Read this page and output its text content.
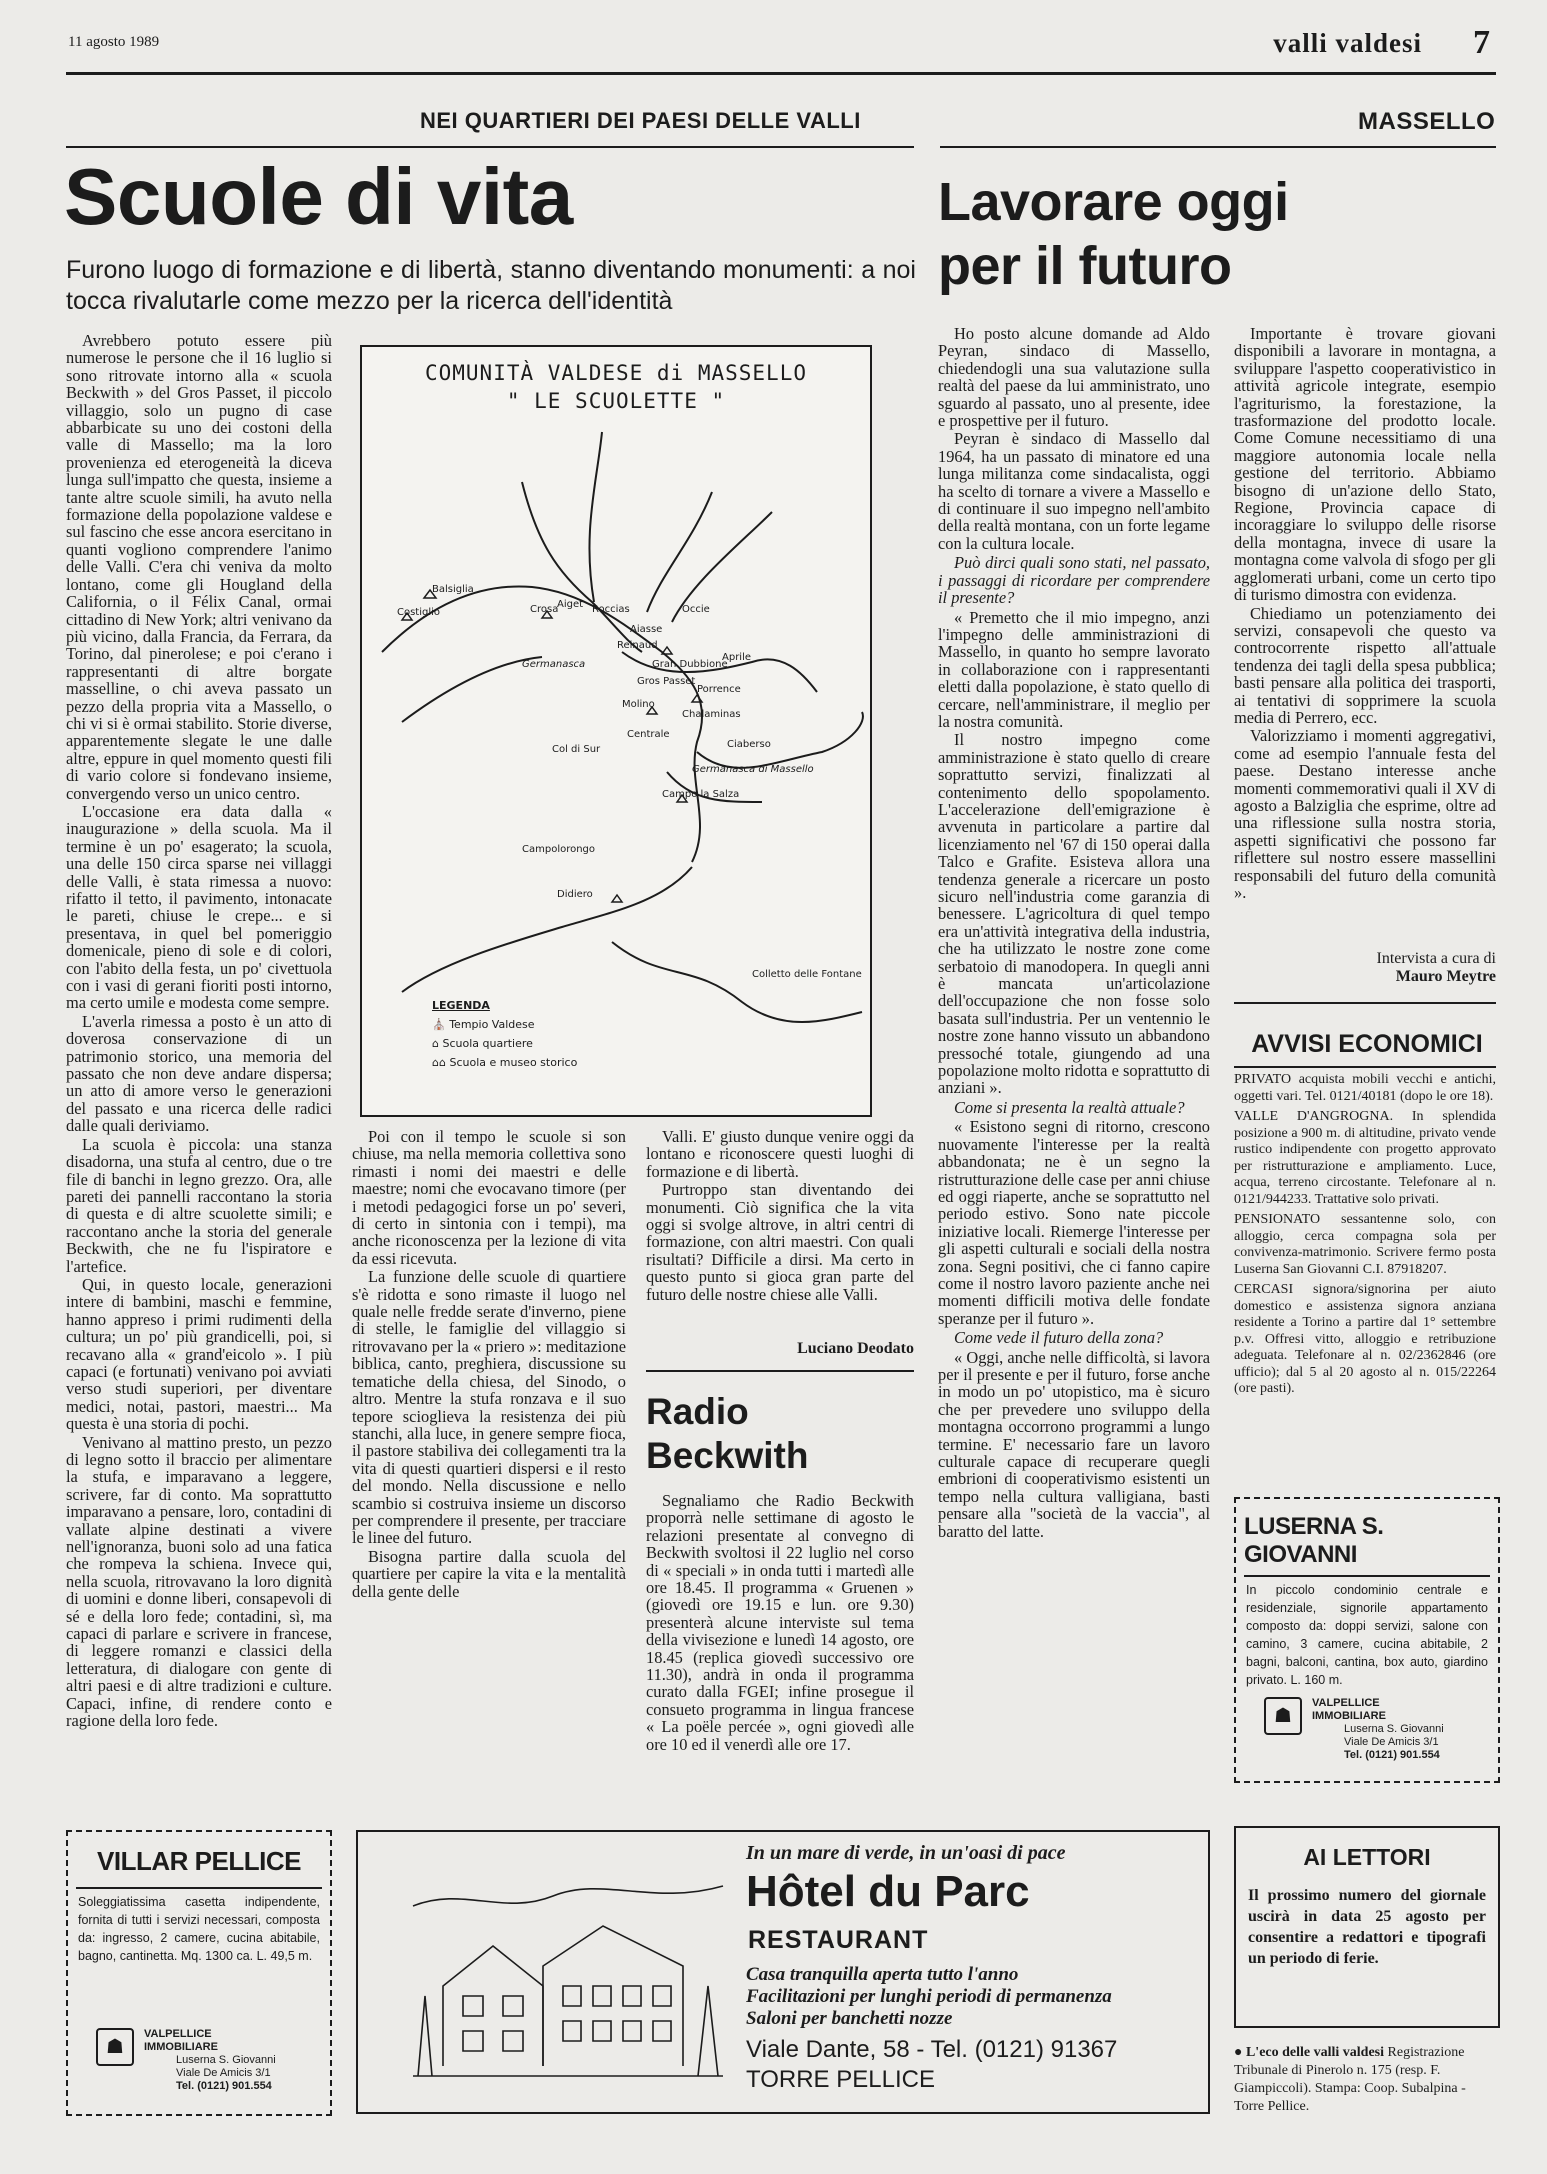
11 agosto 1989	valli valdesi 7
NEI QUARTIERI DEI PAESI DELLE VALLI	MASSELLO
Scuole di vita
Furono luogo di formazione e di libertà, stanno diventando monumenti: a noi tocca rivalutarle come mezzo per la ricerca dell'identità

Avrebbero potuto essere più numerose le persone che il 16 luglio si sono ritrovate intorno alla « scuola Beckwith » del Gros Passet, il piccolo villaggio, solo un pugno di case abbarbicate su uno dei costoni della valle di Massello; ma la loro provenienza ed eterogeneità la diceva lunga sull'impatto che questa, insieme a tante altre scuole simili, ha avuto nella formazione della popolazione valdese e sul fascino che esse ancora esercitano in quanti vogliono comprendere l'animo delle Valli. C'era chi veniva da molto lontano, come gli Hougland della California, o il Félix Canal, ormai cittadino di New York; altri venivano da più vicino, dalla Francia, da Ferrara, da Torino, dal pinerolese; e poi c'erano i rappresentanti di altre borgate masselline, o chi aveva passato un pezzo della propria vita a Massello, o chi vi si è ormai stabilito. Storie diverse, apparentemente slegate le une dalle altre, eppure in quel momento questi fili di vario colore si fondevano insieme, convergendo verso un unico centro.

L'occasione era data dalla « inaugurazione » della scuola. Ma il termine è un po' esagerato; la scuola, una delle 150 circa sparse nei villaggi delle Valli, è stata rimessa a nuovo: rifatto il tetto, il pavimento, intonacate le pareti, chiuse le crepe... e si presentava, in quel bel pomeriggio domenicale, pieno di sole e di colori, con l'abito della festa, un po' civettuola con i vasi di gerani fioriti posti intorno, ma certo umile e modesta come sempre.

L'averla rimessa a posto è un atto di doverosa conservazione di un patrimonio storico, una memoria del passato che non deve andare dispersa; un atto di amore verso le generazioni del passato e una ricerca delle radici dalle quali deriviamo.

La scuola è piccola: una stanza disadorna, una stufa al centro, due o tre file di banchi in legno grezzo. Ora, alle pareti dei pannelli raccontano la storia di questa e di altre scuolette simili; e raccontano anche la storia del generale Beckwith, che ne fu l'ispiratore e l'artefice.

Qui, in questo locale, generazioni intere di bambini, maschi e femmine, hanno appreso i primi rudimenti della cultura; un po' più grandicelli, poi, si recavano alla « grand'eicolo ». I più capaci (e fortunati) venivano poi avviati verso studi superiori, per diventare medici, notai, pastori, maestri... Ma questa è una storia di pochi.

Venivano al mattino presto, un pezzo di legno sotto il braccio per alimentare la stufa, e imparavano a leggere, scrivere, far di conto. Ma soprattutto imparavano a pensare, loro, contadini di vallate alpine destinati a vivere nell'ignoranza, buoni solo ad una fatica che rompeva la schiena. Invece qui, nella scuola, ritrovavano la loro dignità di uomini e donne liberi, consapevoli di sé e della loro fede; contadini, sì, ma capaci di parlare e scrivere in francese, di leggere romanzi e classici della letteratura, di dialogare con gente di altri paesi e di altre tradizioni e culture. Capaci, infine, di rendere conto e ragione della loro fede.

COMUNITÀ VALDESE di MASSELLO
" LE SCUOLETTE "
Balsiglia
Costiglio	Crosa
Aiget Roccias	Occie
Aiasse
Reinaud
Gran Dubbione
Aprile
Gros Passet
Porrence
Molino
Chalaminas
Centrale
Ciaberso
Col di Sur
Campo la Salza
Campolorongo
Didiero
Colletto delle Fontane
Germanasca
Germanasca di Massello
LEGENDA
⛪ Tempio Valdese
⌂ Scuola quartiere
⌂⌂ Scuola e museo storico

Poi con il tempo le scuole si son chiuse, ma nella memoria collettiva sono rimasti i nomi dei maestri e delle maestre; nomi che evocavano timore (per i metodi pedagogici forse un po' severi, di certo in sintonia con i tempi), ma anche riconoscenza per la lezione di vita da essi ricevuta.

La funzione delle scuole di quartiere s'è ridotta e sono rimaste il luogo nel quale nelle fredde serate d'inverno, piene di stelle, le famiglie del villaggio si ritrovavano per la « priero »: meditazione biblica, canto, preghiera, discussione su tematiche della chiesa, del Sinodo, o altro. Mentre la stufa ronzava e il suo tepore scioglieva la resistenza dei più stanchi, alla luce, in genere sempre fioca, il pastore stabiliva dei collegamenti tra la vita di questi quartieri dispersi e il resto del mondo. Nella discussione e nello scambio si costruiva insieme un discorso per comprendere il presente, per tracciare le linee del futuro.

Bisogna partire dalla scuola del quartiere per capire la vita e la mentalità della gente delle

Valli. E' giusto dunque venire oggi da lontano e riconoscere questi luoghi di formazione e di libertà.

Purtroppo stan diventando dei monumenti. Ciò significa che la vita oggi si svolge altrove, in altri centri di formazione, con altri maestri. Con quali risultati? Difficile a dirsi. Ma certo in questo punto si gioca gran parte del futuro delle nostre chiese alle Valli.

Luciano Deodato
Radio
Beckwith

Segnaliamo che Radio Beckwith proporrà nelle settimane di agosto le relazioni presentate al convegno di Beckwith svoltosi il 22 luglio nel corso di « speciali » in onda tutti i martedì alle ore 18.45. Il programma « Gruenen » (giovedì ore 19.15 e lun. ore 9.30) presenterà alcune interviste sul tema della vivisezione e lunedì 14 agosto, ore 18.45 (replica giovedì successivo ore 11.30), andrà in onda il programma curato dalla FGEI; infine prosegue il consueto programma in lingua francese « La poële percée », ogni giovedì alle ore 10 ed il venerdì alle ore 17.

Lavorare oggi
per il futuro

Ho posto alcune domande ad Aldo Peyran, sindaco di Massello, chiedendogli una sua valutazione sulla realtà del paese da lui amministrato, uno sguardo al passato, uno al presente, idee e prospettive per il futuro.

Peyran è sindaco di Massello dal 1964, ha un passato di minatore ed una lunga militanza come sindacalista, oggi ha scelto di tornare a vivere a Massello e di continuare il suo impegno nell'ambito della realtà montana, con un forte legame con la cultura locale.

Può dirci quali sono stati, nel passato, i passaggi di ricordare per comprendere il presente?

« Premetto che il mio impegno, anzi l'impegno delle amministrazioni di Massello, in quanto ho sempre lavorato in collaborazione con i rappresentanti eletti dalla popolazione, è stato quello di cercare, nell'amministrare, il meglio per la nostra comunità.

Il nostro impegno come amministrazione è stato quello di creare soprattutto servizi, finalizzati al contenimento dello spopolamento. L'accelerazione dell'emigrazione è avvenuta in particolare a partire dal licenziamento nel '67 di 150 operai dalla Talco e Grafite. Esisteva allora una tendenza generale a ricercare un posto sicuro nell'industria come garanzia di benessere. L'agricoltura di quel tempo era un'attività integrativa della industria, che ha utilizzato le nostre zone come serbatoio di manodopera. In quegli anni è mancata un'articolazione dell'occupazione che non fosse solo basata sull'industria. Per un ventennio le nostre zone hanno vissuto un abbandono pressoché totale, giungendo ad una popolazione molto ridotta e soprattutto di anziani ».

Come si presenta la realtà attuale?

« Esistono segni di ritorno, crescono nuovamente l'interesse per la realtà abbandonata; ne è un segno la ristrutturazione delle case per anni chiuse ed oggi riaperte, anche se soprattutto nel periodo estivo. Sono nate piccole iniziative locali. Riemerge l'interesse per gli aspetti culturali e sociali della nostra zona. Segni positivi, che ci fanno capire come il nostro lavoro paziente anche nei momenti difficili motiva delle fondate speranze per il futuro ».

Come vede il futuro della zona?

« Oggi, anche nelle difficoltà, si lavora per il presente e per il futuro, forse anche in modo un po' utopistico, ma è sicuro che per prevedere uno sviluppo della montagna occorrono programmi a lungo termine. E' necessario fare un lavoro culturale capace di recuperare quegli embrioni di cooperativismo esistenti un tempo nella cultura valligiana, basti pensare alla "società de la vaccia", al baratto del latte.

Importante è trovare giovani disponibili a lavorare in montagna, a sviluppare l'aspetto cooperativistico in attività agricole integrate, esempio l'agriturismo, la forestazione, la trasformazione del prodotto locale. Come Comune necessitiamo di una maggiore autonomia locale nella gestione del territorio. Abbiamo bisogno di un'azione dello Stato, Regione, Provincia capace di incoraggiare lo sviluppo delle risorse della montagna, invece di usare la montagna come valvola di sfogo per gli agglomerati urbani, come un certo tipo di turismo dimostra con evidenza.

Chiediamo un potenziamento dei servizi, consapevoli che questo va controcorrente rispetto all'attuale tendenza dei tagli della spesa pubblica; basti pensare alla politica dei trasporti, ai tentativi di sopprimere la scuola media di Perrero, ecc.

Valorizziamo i momenti aggregativi, come ad esempio l'annuale festa del paese. Destano interesse anche momenti commemorativi quali il XV di agosto a Balziglia che esprime, oltre ad una riflessione sulla nostra storia, aspetti significativi che possono far riflettere sul nostro essere massellini responsabili del futuro della comunità ».

Intervista a cura di
Mauro Meytre
AVVISI ECONOMICI

PRIVATO acquista mobili vecchi e antichi, oggetti vari. Tel. 0121/40181 (dopo le ore 18).

VALLE D'ANGROGNA. In splendida posizione a 900 m. di altitudine, privato vende rustico indipendente con progetto approvato per ristrutturazione e ampliamento. Luce, acqua, terreno circostante. Telefonare al n. 0121/944233. Trattative solo privati.

PENSIONATO sessantenne solo, con alloggio, cerca compagna sola per convivenza-matrimonio. Scrivere fermo posta Luserna San Giovanni C.I. 87918207.

CERCASI signora/signorina per aiuto domestico e assistenza signora anziana residente a Torino a partire dal 1° settembre p.v. Offresi vitto, alloggio e retribuzione adeguata. Telefonare al n. 02/2362846 (ore ufficio); dal 5 al 20 agosto al n. 015/22264 (ore pasti).

LUSERNA S. GIOVANNI
In piccolo condominio centrale e residenziale, signorile appartamento composto da: doppi servizi, salone con camino, 3 camere, cucina abitabile, 2 bagni, balconi, cantina, box auto, giardino privato. L. 160 m.
☗
VALPELLICE IMMOBILIARE
Luserna S. Giovanni
Viale De Amicis 3/1
Tel. (0121) 901.554
VILLAR PELLICE
Soleggiatissima casetta indipendente, fornita di tutti i servizi necessari, composta da: ingresso, 2 camere, cucina abitabile, bagno, cantinetta. Mq. 1300 ca. L. 49,5 m.
☗
VALPELLICE IMMOBILIARE
Luserna S. Giovanni
Viale De Amicis 3/1
Tel. (0121) 901.554
In un mare di verde, in un'oasi di pace
Hôtel du Parc
RESTAURANT
Casa tranquilla aperta tutto l'anno
Facilitazioni per lunghi periodi di permanenza
Saloni per banchetti nozze
Viale Dante, 58 - Tel. (0121) 91367
TORRE PELLICE
AI LETTORI
Il prossimo numero del giornale uscirà in data 25 agosto per consentire a redattori e tipografi un periodo di ferie.
● L'eco delle valli valdesi Registrazione Tribunale di Pinerolo n. 175 (resp. F. Giampiccoli). Stampa: Coop. Subalpina - Torre Pellice.
